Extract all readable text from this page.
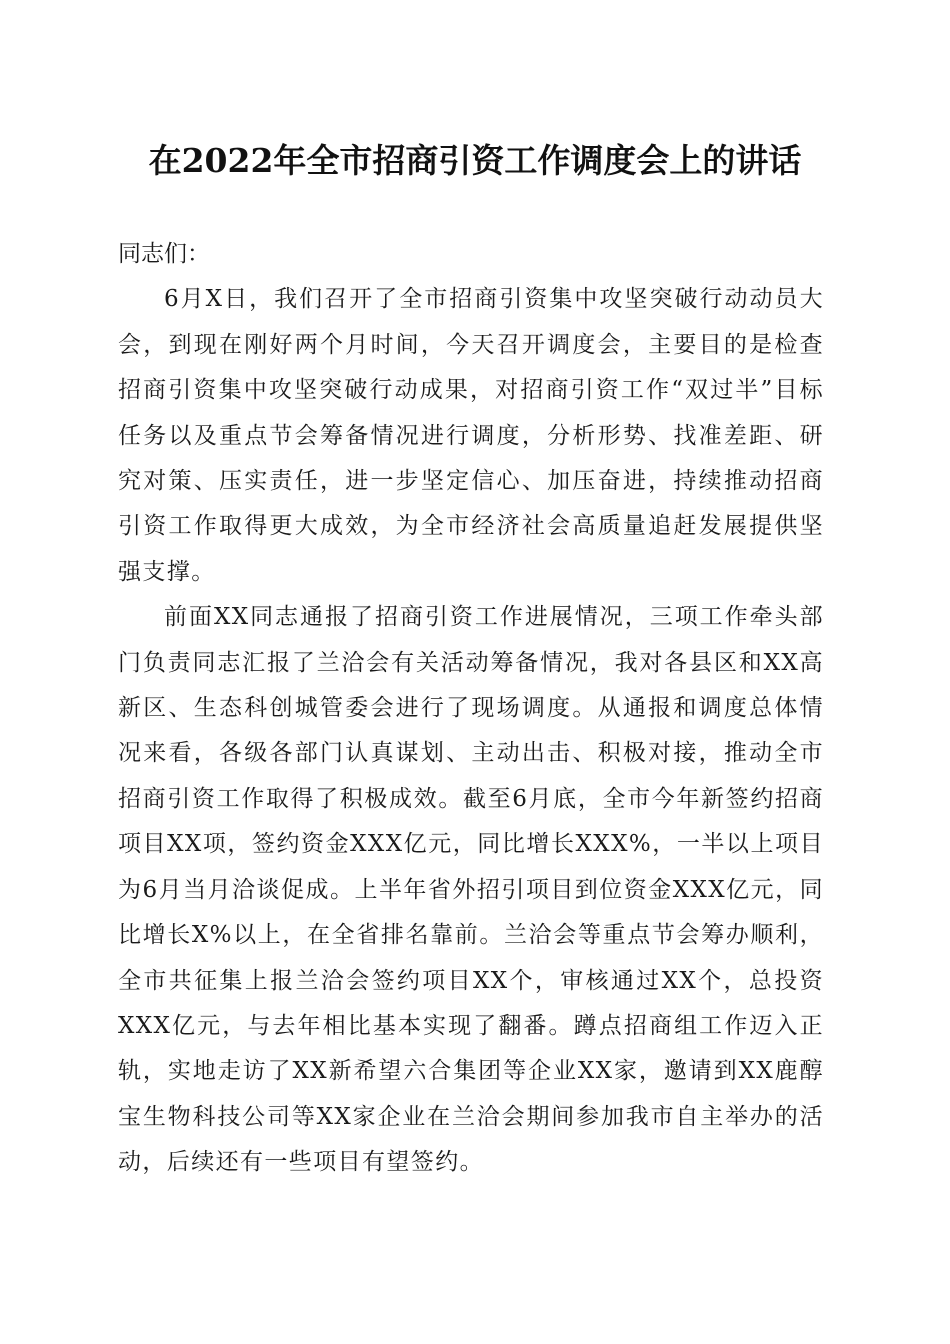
在2022年全市招商引资工作调度会上的讲话

同志们：

6月X日，我们召开了全市招商引资集中攻坚突破行动动员大会，到现在刚好两个月时间，今天召开调度会，主要目的是检查招商引资集中攻坚突破行动成果，对招商引资工作“双过半”目标任务以及重点节会筹备情况进行调度，分析形势、找准差距、研究对策、压实责任，进一步坚定信心、加压奋进，持续推动招商引资工作取得更大成效，为全市经济社会高质量追赶发展提供坚强支撑。

前面XX同志通报了招商引资工作进展情况，三项工作牵头部门负责同志汇报了兰洽会有关活动筹备情况，我对各县区和XX高新区、生态科创城管委会进行了现场调度。从通报和调度总体情况来看，各级各部门认真谋划、主动出击、积极对接，推动全市招商引资工作取得了积极成效。截至6月底，全市今年新签约招商项目XX项，签约资金XXX亿元，同比增长XXX%，一半以上项目为6月当月洽谈促成。上半年省外招引项目到位资金XXX亿元，同比增长X%以上，在全省排名靠前。兰洽会等重点节会筹办顺利，全市共征集上报兰洽会签约项目XX个，审核通过XX个，总投资XXX亿元，与去年相比基本实现了翻番。蹲点招商组工作迈入正轨，实地走访了XX新希望六合集团等企业XX家，邀请到XX鹿醇宝生物科技公司等XX家企业在兰洽会期间参加我市自主举办的活动，后续还有一些项目有望签约。
